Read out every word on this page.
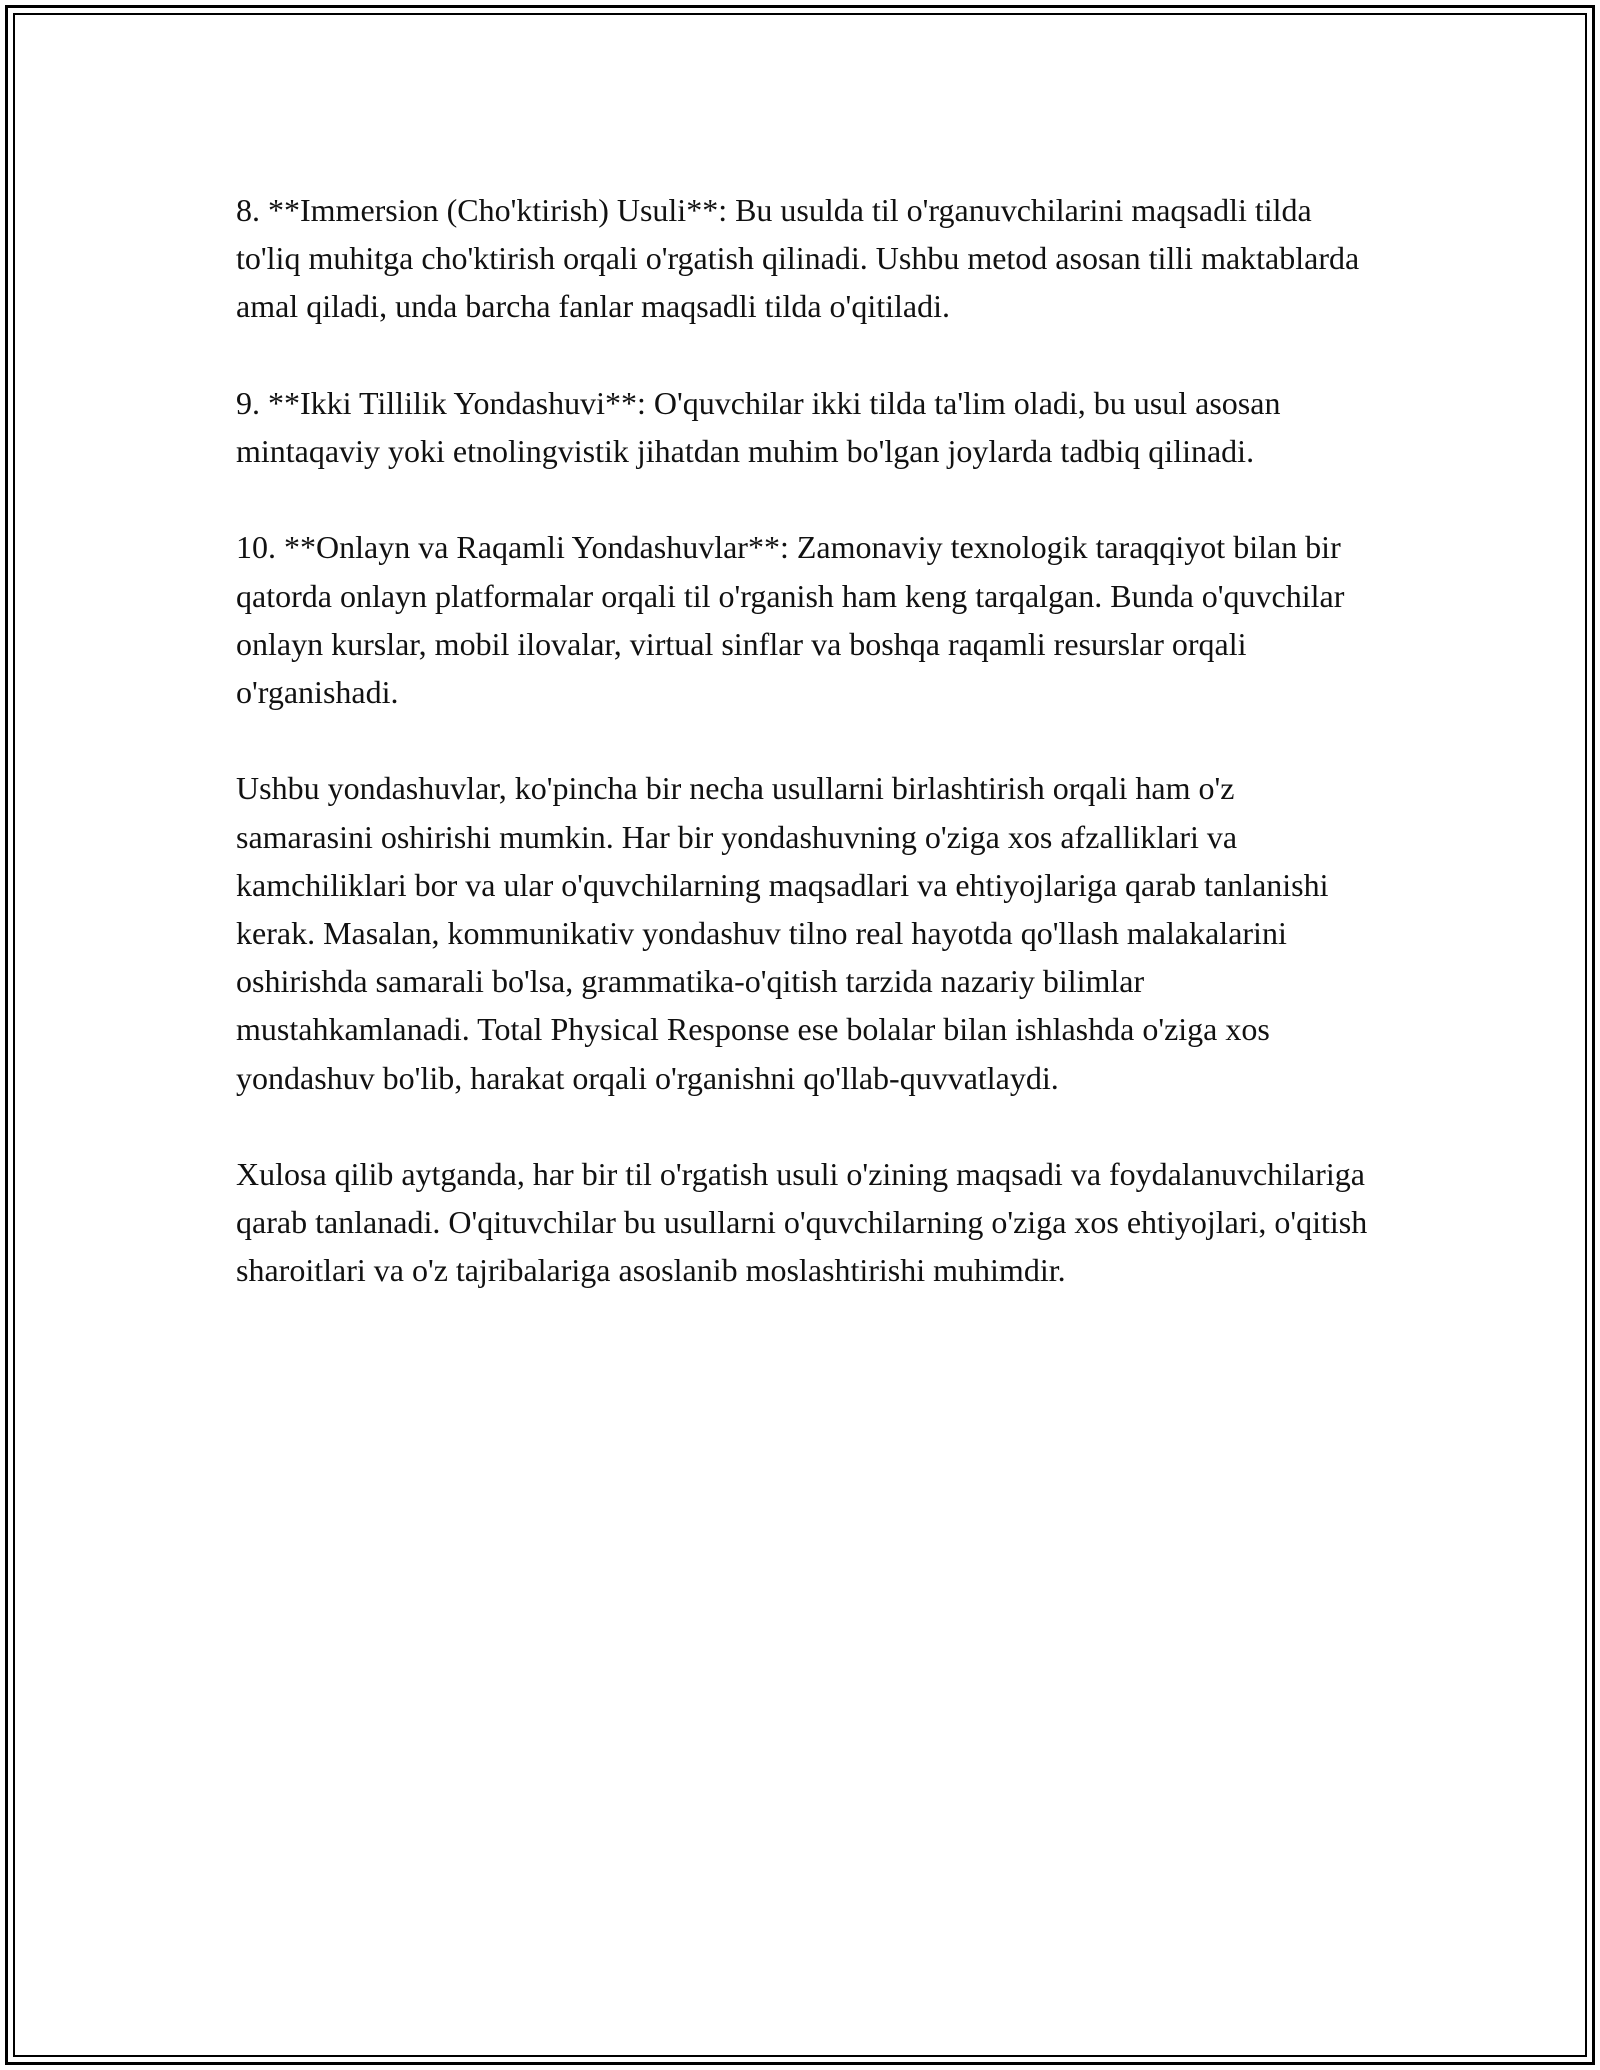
8. **Immersion (Cho'ktirish) Usuli**: Bu usulda til o'rganuvchilarini maqsadli tilda to'liq muhitga cho'ktirish orqali o'rgatish qilinadi. Ushbu metod asosan tilli maktablarda amal qiladi, unda barcha fanlar maqsadli tilda o'qitiladi.

9. **Ikki Tillilik Yondashuvi**: O'quvchilar ikki tilda ta'lim oladi, bu usul asosan mintaqaviy yoki etnolingvistik jihatdan muhim bo'lgan joylarda tadbiq qilinadi.

10. **Onlayn va Raqamli Yondashuvlar**: Zamonaviy texnologik taraqqiyot bilan bir qatorda onlayn platformalar orqali til o'rganish ham keng tarqalgan. Bunda o'quvchilar onlayn kurslar, mobil ilovalar, virtual sinflar va boshqa raqamli resurslar orqali o'rganishadi.

Ushbu yondashuvlar, ko'pincha bir necha usullarni birlashtirish orqali ham o'z samarasini oshirishi mumkin. Har bir yondashuvning o'ziga xos afzalliklari va kamchiliklari bor va ular o'quvchilarning maqsadlari va ehtiyojlariga qarab tanlanishi kerak. Masalan, kommunikativ yondashuv tilno real hayotda qo'llash malakalarini oshirishda samarali bo'lsa, grammatika-o'qitish tarzida nazariy bilimlar mustahkamlanadi. Total Physical Response ese bolalar bilan ishlashda o'ziga xos yondashuv bo'lib, harakat orqali o'rganishni qo'llab-quvvatlaydi.

Xulosa qilib aytganda, har bir til o'rgatish usuli o'zining maqsadi va foydalanuvchilariga qarab tanlanadi. O'qituvchilar bu usullarni o'quvchilarning o'ziga xos ehtiyojlari, o'qitish sharoitlari va o'z tajribalariga asoslanib moslashtirishi muhimdir.
